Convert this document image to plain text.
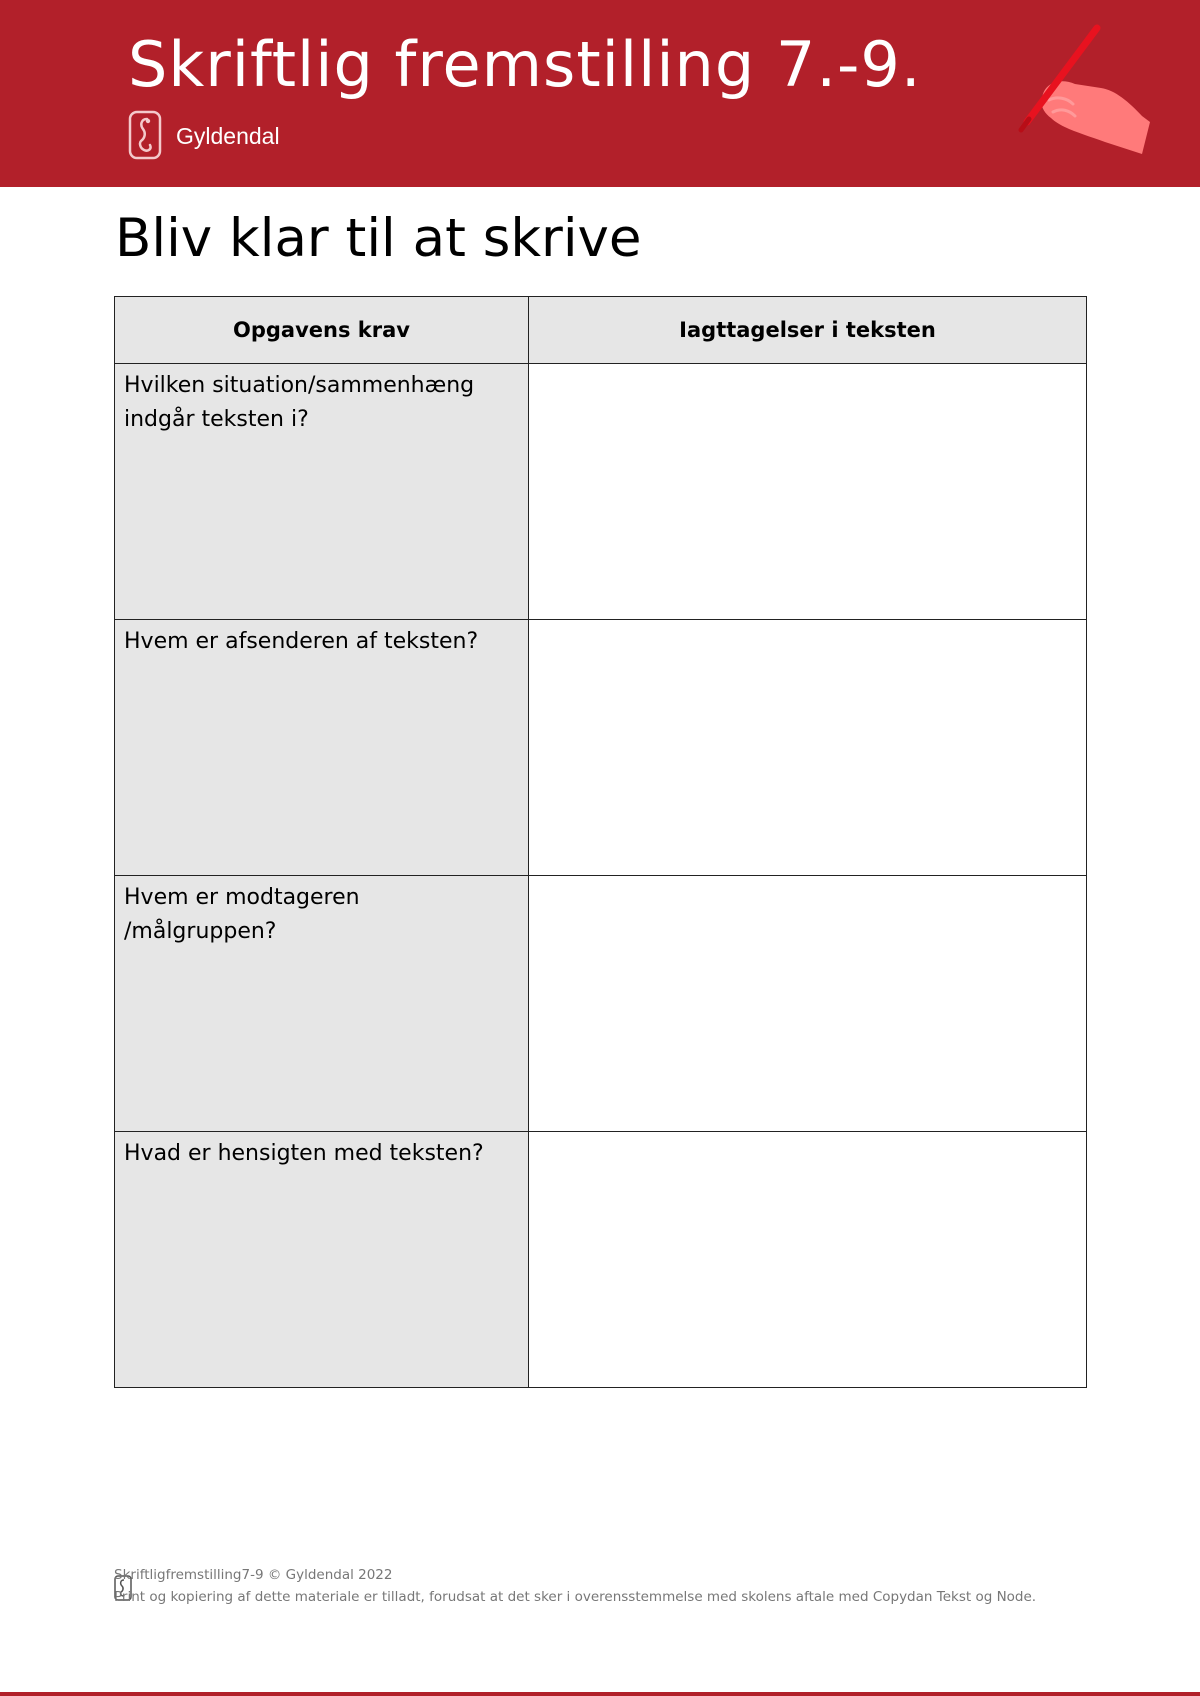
Skriftlig fremstilling 7.-9.
Gyldendal
Bliv klar til at skrive
Opgavens krav	Iagttagelser i teksten

Hvilken situation/sammenhæng indgår teksten i?	

Hvem er afsenderen af teksten?	

Hvem er modtageren /målgruppen?	

Hvad er hensigten med teksten?	

Skriftligfremstilling7-9 © Gyldendal 2022
Print og kopiering af dette materiale er tilladt, forudsat at det sker i overensstemmelse med skolens aftale med Copydan Tekst og Node.
